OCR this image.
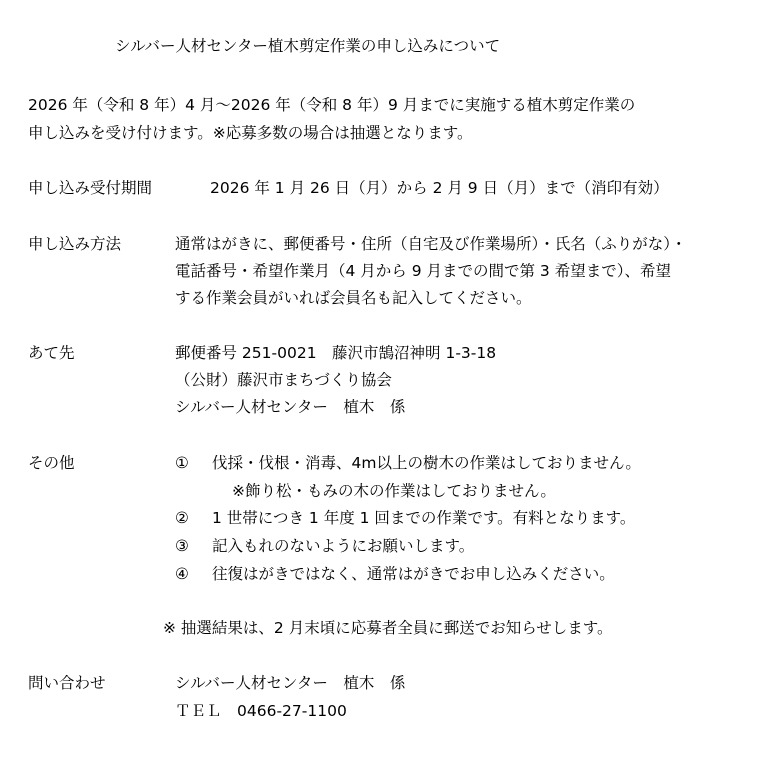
シルバー人材センター植木剪定作業の申し込みについて
2026 年（令和 8 年）4 月～2026 年（令和 8 年）9 月までに実施する植木剪定作業の
申し込みを受け付けます。※応募多数の場合は抽選となります。
申し込み受付期間	2026 年 1 月 26 日（月）から 2 月 9 日（月）まで（消印有効）
申し込み方法	通常はがきに、郵便番号・住所（自宅及び作業場所）・氏名（ふりがな）・
電話番号・希望作業月（4 月から 9 月までの間で第 3 希望まで）、希望
する作業会員がいれば会員名も記入してください。
あて先	郵便番号 251-0021　藤沢市鵠沼神明 1-3-18
（公財）藤沢市まちづくり協会
シルバー人材センター　植木　係
その他	① 伐採・伐根・消毒、4m以上の樹木の作業はしておりません。
※飾り松・もみの木の作業はしておりません。
② 1 世帯につき 1 年度 1 回までの作業です。有料となります。
③ 記入もれのないようにお願いします。
④ 往復はがきではなく、通常はがきでお申し込みください。
※ 抽選結果は、2 月末頃に応募者全員に郵送でお知らせします。
問い合わせ	シルバー人材センター　植木　係
ＴＥＬ　0466-27-1100
